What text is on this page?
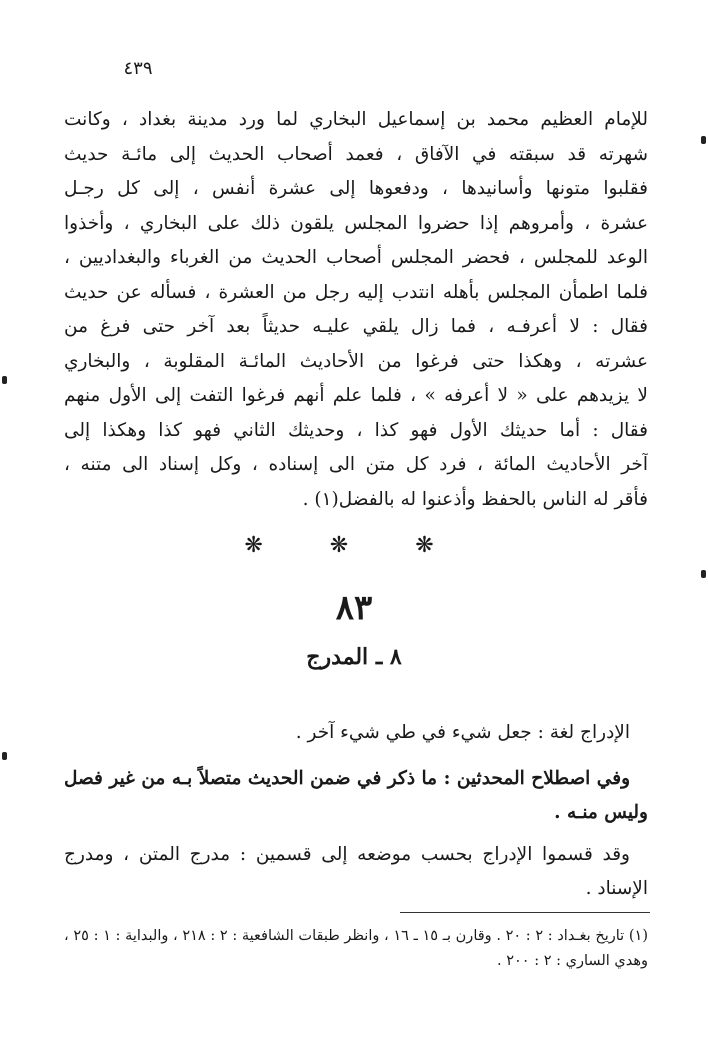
٤٣٩
للإمام العظيم محمد بن إسماعيل البخاري لما ورد مدينة بغداد ، وكانت
شهرته قد سبقته في الآفاق ، فعمد أصحاب الحديث إلى مائـة حديث
فقلبوا متونها وأسانيدها ، ودفعوها إلى عشرة أنفس ، إلى كل رجـل
عشرة ، وأمروهم إذا حضروا المجلس يلقون ذلك على البخاري ، وأخذوا
الوعد للمجلس ، فحضر المجلس أصحاب الحديث من الغرباء والبغداديين ،
فلما اطمأن المجلس بأهله انتدب إليه رجل من العشرة ، فسأله عن حديث
فقال : لا أعرفـه ، فما زال يلقي عليـه حديثاً بعد آخر حتى فرغ من
عشرته ، وهكذا حتى فرغوا من الأحاديث المائـة المقلوبة ، والبخاري
لا يزيدهم على « لا أعرفه » ، فلما علم أنهم فرغوا التفت إلى الأول منهم
فقال : أما حديثك الأول فهو كذا ، وحديثك الثاني فهو كذا وهكذا إلى
آخر الأحاديث المائة ، فرد كل متن الى إسناده ، وكل إسناد الى متنه ،
فأقر له الناس بالحفظ وأذعنوا له بالفضل(١) .
❋ ❋ ❋
٨٣
٨ ـ المدرج
الإدراج لغة : جعل شيء في طي شيء آخر .
وفي اصطلاح المحدثين : ما ذكر في ضمن الحديث متصلاً بـه من غير فصل وليس منـه .
وقد قسموا الإدراج بحسب موضعه إلى قسمين : مدرج المتن ، ومدرج الإسناد .
(١) تاريخ بغـداد : ٢ : ٢٠ . وقارن بـ ١٥ ـ ١٦ ، وانظر طبقات الشافعية : ٢ : ٢١٨ ، والبداية : ١ : ٢٥ ، وهدي الساري : ٢ : ٢٠٠ .
